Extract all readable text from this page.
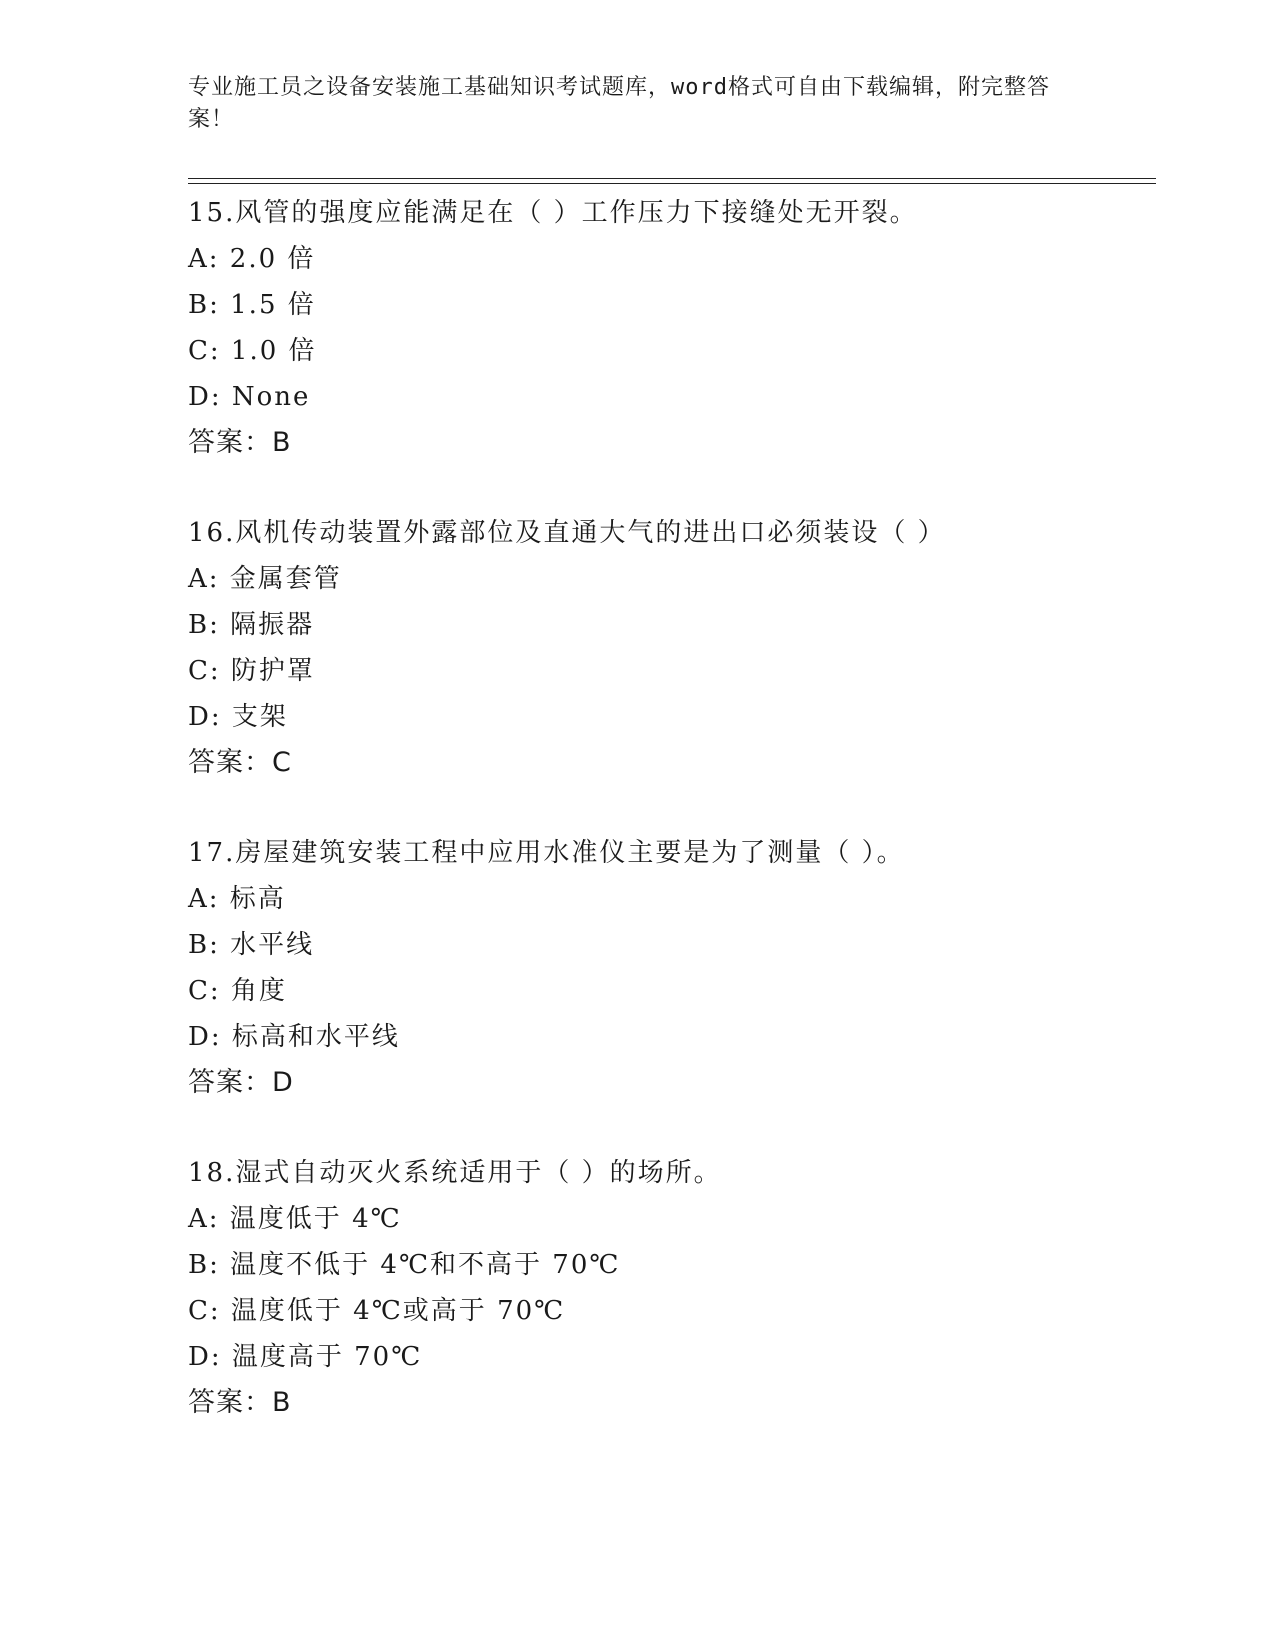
专业施工员之设备安装施工基础知识考试题库，word格式可自由下载编辑，附完整答案！
15.风管的强度应能满足在（ ）工作压力下接缝处无开裂。
A: 2.0 倍
B: 1.5 倍
C: 1.0 倍
D: None
答案：B
16.风机传动装置外露部位及直通大气的进出口必须装设（ ）
A: 金属套管
B: 隔振器
C: 防护罩
D: 支架
答案：C
17.房屋建筑安装工程中应用水准仪主要是为了测量（ ）。
A: 标高
B: 水平线
C: 角度
D: 标高和水平线
答案：D
18.湿式自动灭火系统适用于（ ）的场所。
A: 温度低于 4℃
B: 温度不低于 4℃和不高于 70℃
C: 温度低于 4℃或高于 70℃
D: 温度高于 70℃
答案：B
